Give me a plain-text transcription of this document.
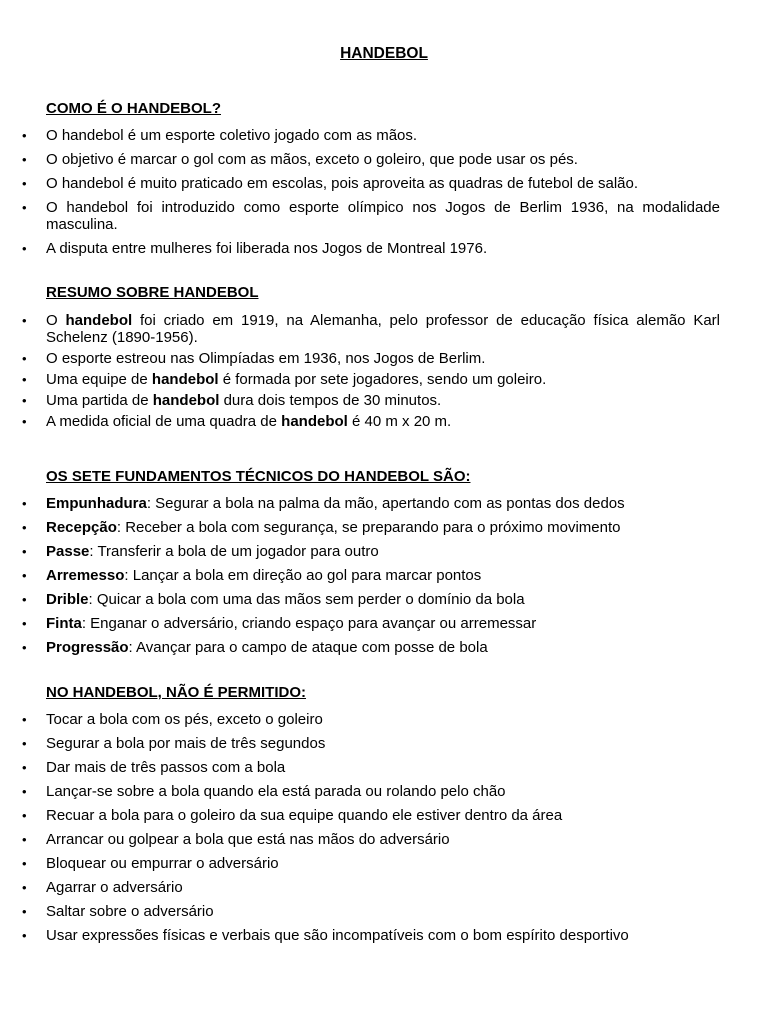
HANDEBOL
COMO É O HANDEBOL?
• O handebol é um esporte coletivo jogado com as mãos.
• O objetivo é marcar o gol com as mãos, exceto o goleiro, que pode usar os pés.
• O handebol é muito praticado em escolas, pois aproveita as quadras de futebol de salão.
• O handebol foi introduzido como esporte olímpico nos Jogos de Berlim 1936, na modalidade masculina.
• A disputa entre mulheres foi liberada nos Jogos de Montreal 1976.
RESUMO SOBRE HANDEBOL
• O handebol foi criado em 1919, na Alemanha, pelo professor de educação física alemão Karl Schelenz (1890-1956).
• O esporte estreou nas Olimpíadas em 1936, nos Jogos de Berlim.
• Uma equipe de handebol é formada por sete jogadores, sendo um goleiro.
• Uma partida de handebol dura dois tempos de 30 minutos.
• A medida oficial de uma quadra de handebol é 40 m x 20 m.
OS SETE FUNDAMENTOS TÉCNICOS DO HANDEBOL SÃO:
• Empunhadura: Segurar a bola na palma da mão, apertando com as pontas dos dedos
• Recepção: Receber a bola com segurança, se preparando para o próximo movimento
• Passe: Transferir a bola de um jogador para outro
• Arremesso: Lançar a bola em direção ao gol para marcar pontos
• Drible: Quicar a bola com uma das mãos sem perder o domínio da bola
• Finta: Enganar o adversário, criando espaço para avançar ou arremessar
• Progressão: Avançar para o campo de ataque com posse de bola
NO HANDEBOL, NÃO É PERMITIDO:
• Tocar a bola com os pés, exceto o goleiro
• Segurar a bola por mais de três segundos
• Dar mais de três passos com a bola
• Lançar-se sobre a bola quando ela está parada ou rolando pelo chão
• Recuar a bola para o goleiro da sua equipe quando ele estiver dentro da área
• Arrancar ou golpear a bola que está nas mãos do adversário
• Bloquear ou empurrar o adversário
• Agarrar o adversário
• Saltar sobre o adversário
• Usar expressões físicas e verbais que são incompatíveis com o bom espírito desportivo
